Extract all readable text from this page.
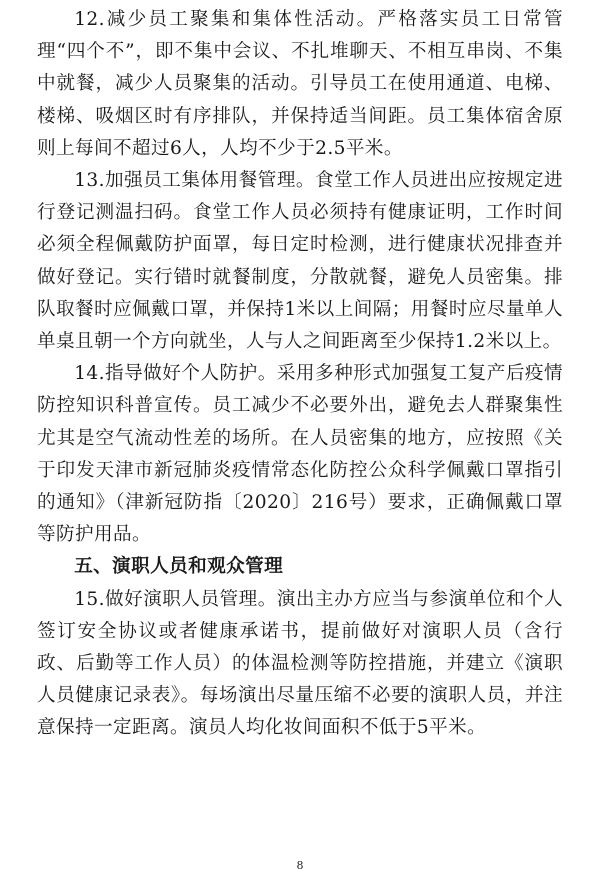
12.减少员工聚集和集体性活动。严格落实员工日常管理“四个不”，即不集中会议、不扎堆聊天、不相互串岗、不集中就餐，减少人员聚集的活动。引导员工在使用通道、电梯、楼梯、吸烟区时有序排队，并保持适当间距。员工集体宿舍原则上每间不超过6人，人均不少于2.5平米。

13.加强员工集体用餐管理。食堂工作人员进出应按规定进行登记测温扫码。食堂工作人员必须持有健康证明，工作时间必须全程佩戴防护面罩，每日定时检测，进行健康状况排查并做好登记。实行错时就餐制度，分散就餐，避免人员密集。排队取餐时应佩戴口罩，并保持1米以上间隔；用餐时应尽量单人单桌且朝一个方向就坐，人与人之间距离至少保持1.2米以上。

14.指导做好个人防护。采用多种形式加强复工复产后疫情防控知识科普宣传。员工减少不必要外出，避免去人群聚集性尤其是空气流动性差的场所。在人员密集的地方，应按照《关于印发天津市新冠肺炎疫情常态化防控公众科学佩戴口罩指引的通知》（津新冠防指〔2020〕216号）要求，正确佩戴口罩等防护用品。

五、演职人员和观众管理

15.做好演职人员管理。演出主办方应当与参演单位和个人签订安全协议或者健康承诺书，提前做好对演职人员（含行政、后勤等工作人员）的体温检测等防控措施，并建立《演职人员健康记录表》。每场演出尽量压缩不必要的演职人员，并注意保持一定距离。演员人均化妆间面积不低于5平米。

8
